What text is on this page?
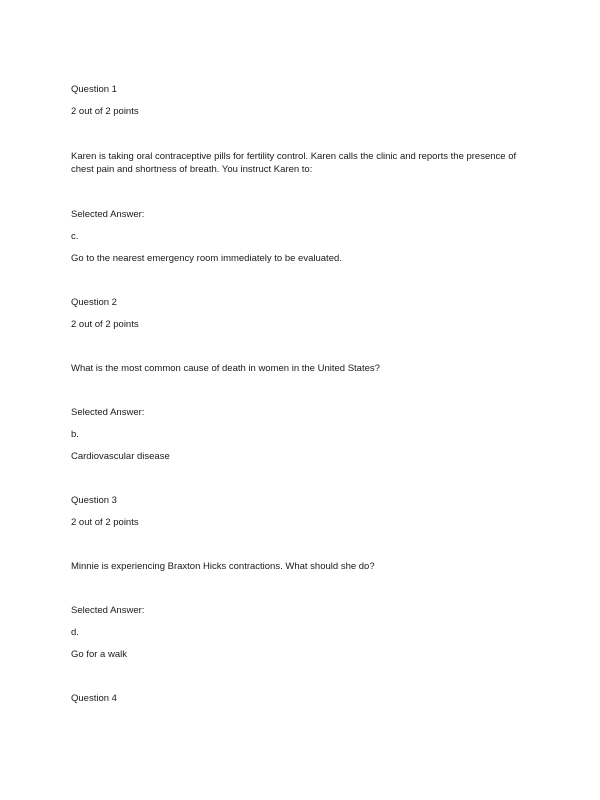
Question 1
2 out of 2 points
Karen is taking oral contraceptive pills for fertility control. Karen calls the clinic and reports the presence of chest pain and shortness of breath. You instruct Karen to:
Selected Answer:
c.
Go to the nearest emergency room immediately to be evaluated.
Question 2
2 out of 2 points
What is the most common cause of death in women in the United States?
Selected Answer:
b.
Cardiovascular disease
Question 3
2 out of 2 points
Minnie is experiencing Braxton Hicks contractions. What should she do?
Selected Answer:
d.
Go for a walk
Question 4
